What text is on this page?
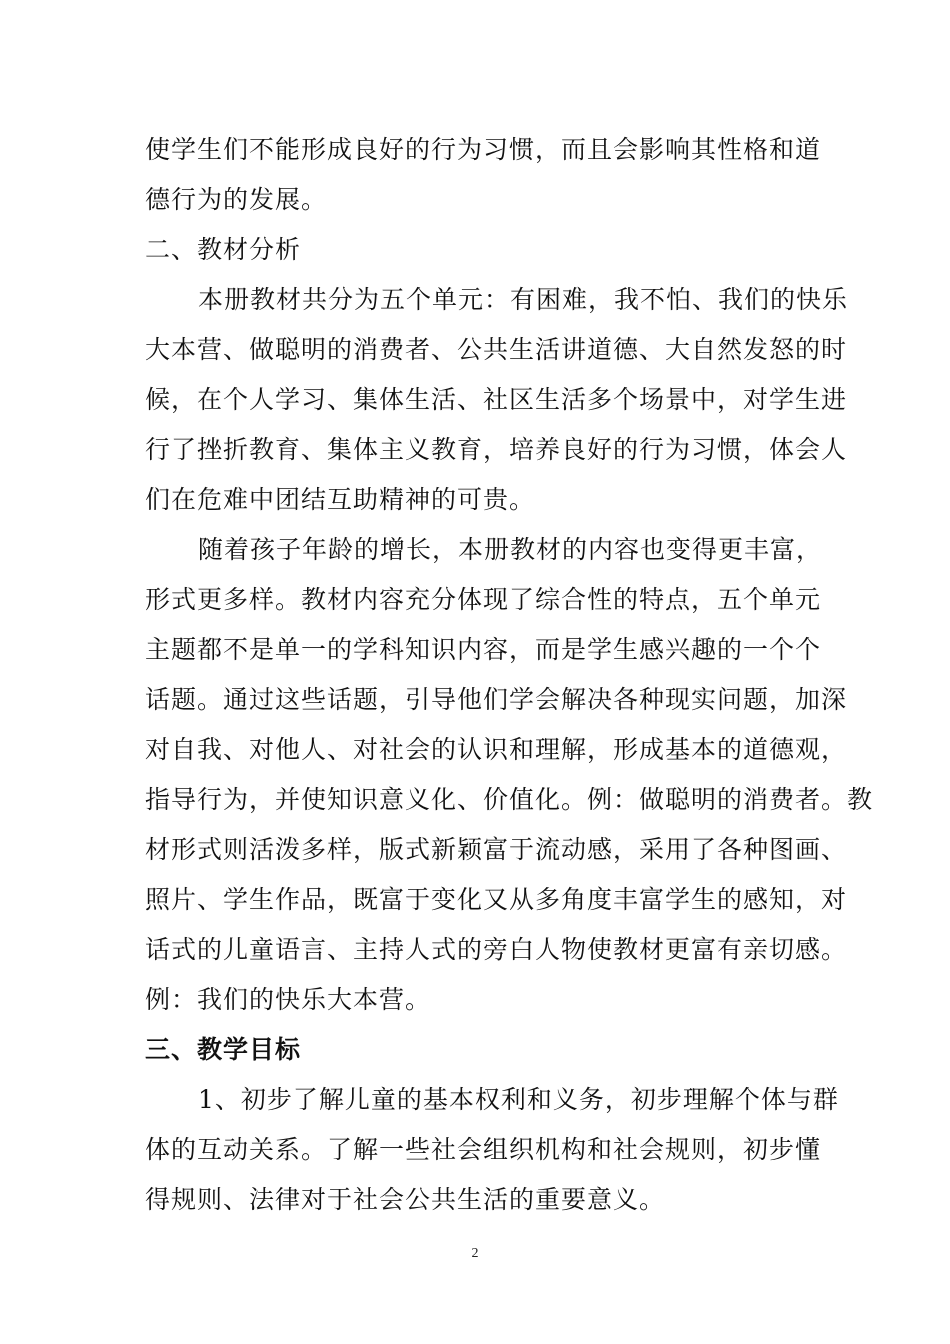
使学生们不能形成良好的行为习惯，而且会影响其性格和道
德行为的发展。
二、教材分析
本册教材共分为五个单元：有困难，我不怕、我们的快乐
大本营、做聪明的消费者、公共生活讲道德、大自然发怒的时
候，在个人学习、集体生活、社区生活多个场景中，对学生进
行了挫折教育、集体主义教育，培养良好的行为习惯，体会人
们在危难中团结互助精神的可贵。
随着孩子年龄的增长，本册教材的内容也变得更丰富，
形式更多样。教材内容充分体现了综合性的特点，五个单元
主题都不是单一的学科知识内容，而是学生感兴趣的一个个
话题。通过这些话题，引导他们学会解决各种现实问题，加深
对自我、对他人、对社会的认识和理解，形成基本的道德观，
指导行为，并使知识意义化、价值化。例：做聪明的消费者。教
材形式则活泼多样，版式新颖富于流动感，采用了各种图画、
照片、学生作品，既富于变化又从多角度丰富学生的感知，对
话式的儿童语言、主持人式的旁白人物使教材更富有亲切感。
例：我们的快乐大本营。
三、教学目标
1、初步了解儿童的基本权利和义务，初步理解个体与群
体的互动关系。了解一些社会组织机构和社会规则，初步懂
得规则、法律对于社会公共生活的重要意义。
2
